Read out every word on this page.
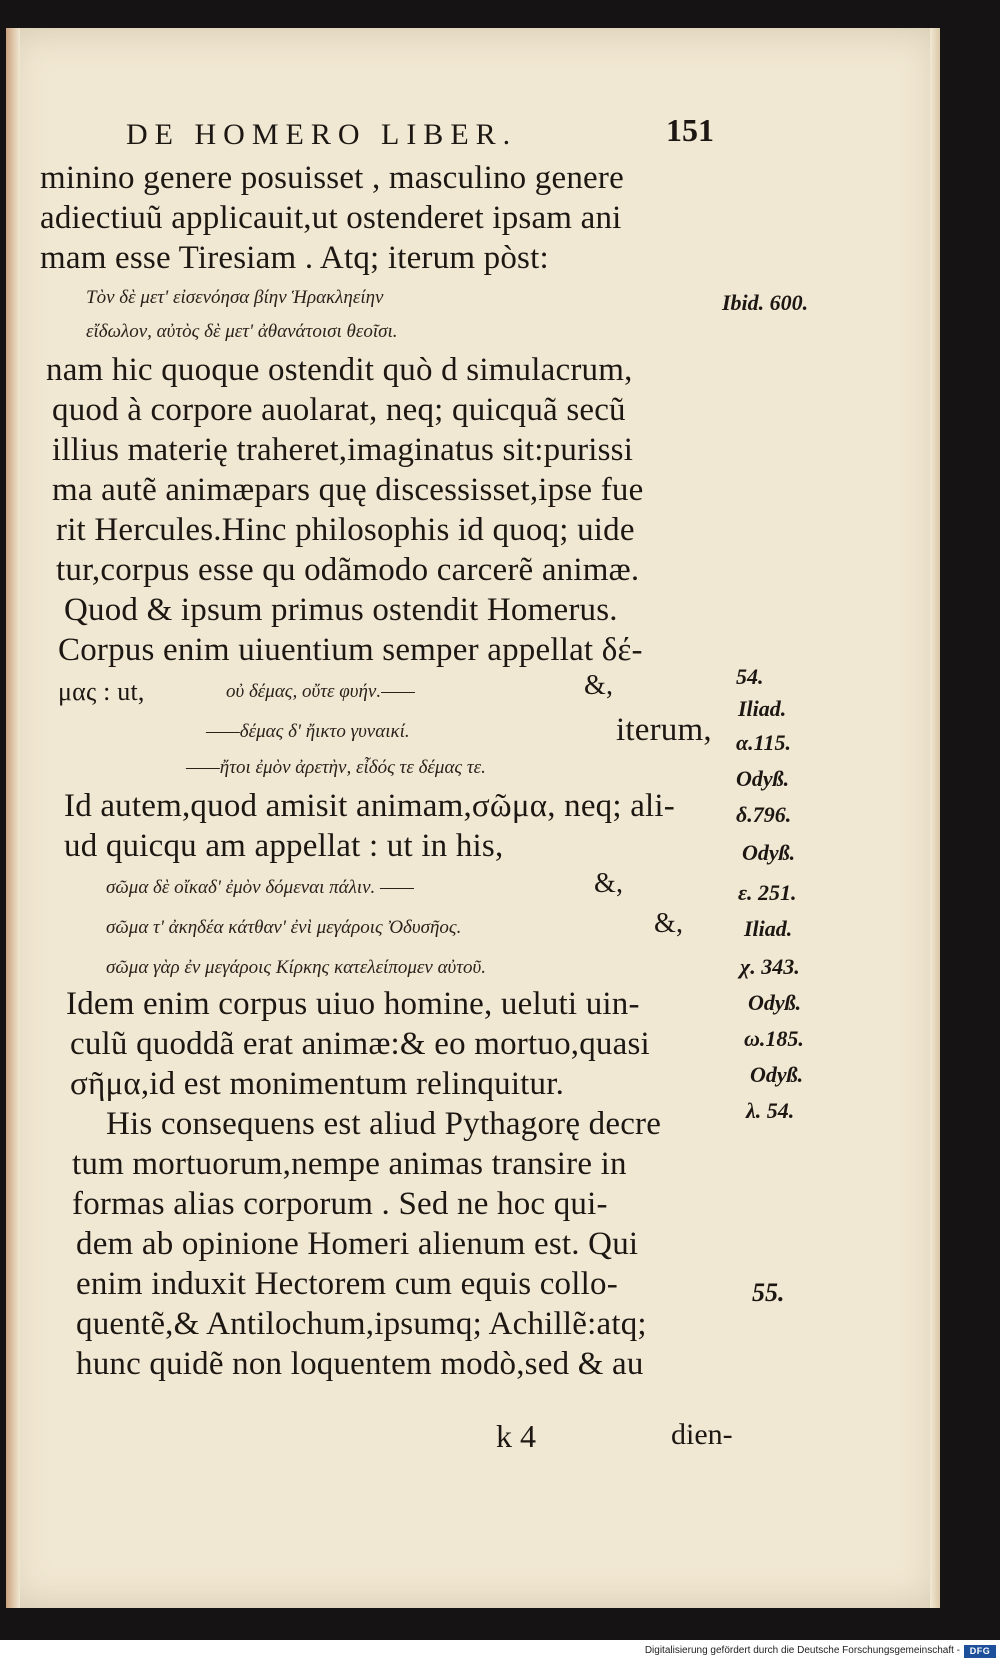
DE HOMERO LIBER.	151
minino genere posuisset , masculino genere
adiectiuũ applicauit,ut ostenderet ipsam ani
mam esse Tiresiam . Atq; iterum pòst:
Τὸν δὲ μετ' εἰσενόησα βίην Ἡρακληείην
εἴδωλον, αὐτὸς δὲ μετ' ἀθανάτοισι θεοῖσι.
nam hic quoque ostendit quò d simulacrum,
quod à corpore auolarat, neq; quicquã secũ
illius materię traheret,imaginatus sit:purissi
ma autẽ animæpars quę discessisset,ipse fue
rit Hercules.Hinc philosophis id quoq; uide
tur,corpus esse qu odãmodo carcerẽ animæ.
Quod & ipsum primus ostendit Homerus.
Corpus enim uiuentium semper appellat δέ-
μας : ut,	οὐ δέμας, οὔτε φυήν.——	&,
——δέμας δ' ἤικτο γυναικί.	iterum,
——ἤτοι ἐμὸν ἀρετὴν, εἶδός τε δέμας τε.
Id autem,quod amisit animam,σῶμα, neq; ali-
ud quicqu am appellat : ut in his,
σῶμα δὲ οἴκαδ' ἐμὸν δόμεναι πάλιν. ——	&,
σῶμα τ' ἀκηδέα κάτθαν' ἐνὶ μεγάροις Ὀδυσῆος.	&,
σῶμα γὰρ ἐν μεγάροις Κίρκης κατελείπομεν αὐτοῦ.
Idem enim corpus uiuo homine, ueluti uin-
culũ quoddã erat animæ:& eo mortuo,quasi
σῆμα,id est monimentum relinquitur.
His consequens est aliud Pythagorę decre
tum mortuorum,nempe animas transire in
formas alias corporum . Sed ne hoc qui-
dem ab opinione Homeri alienum est. Qui
enim induxit Hectorem cum equis collo-
quentẽ,& Antilochum,ipsumq; Achillẽ:atq;
hunc quidẽ non loquentem modò,sed & au
Ibid. 600.
54.
Iliad.
α.115.
Odyß.
δ.796.
Odyß.
ε. 251.
Iliad.
χ. 343.
Odyß.
ω.185.
Odyß.
λ. 54.
55.
k 4	dien-
Digitalisierung gefördert durch die Deutsche Forschungsgemeinschaft -	DFG
